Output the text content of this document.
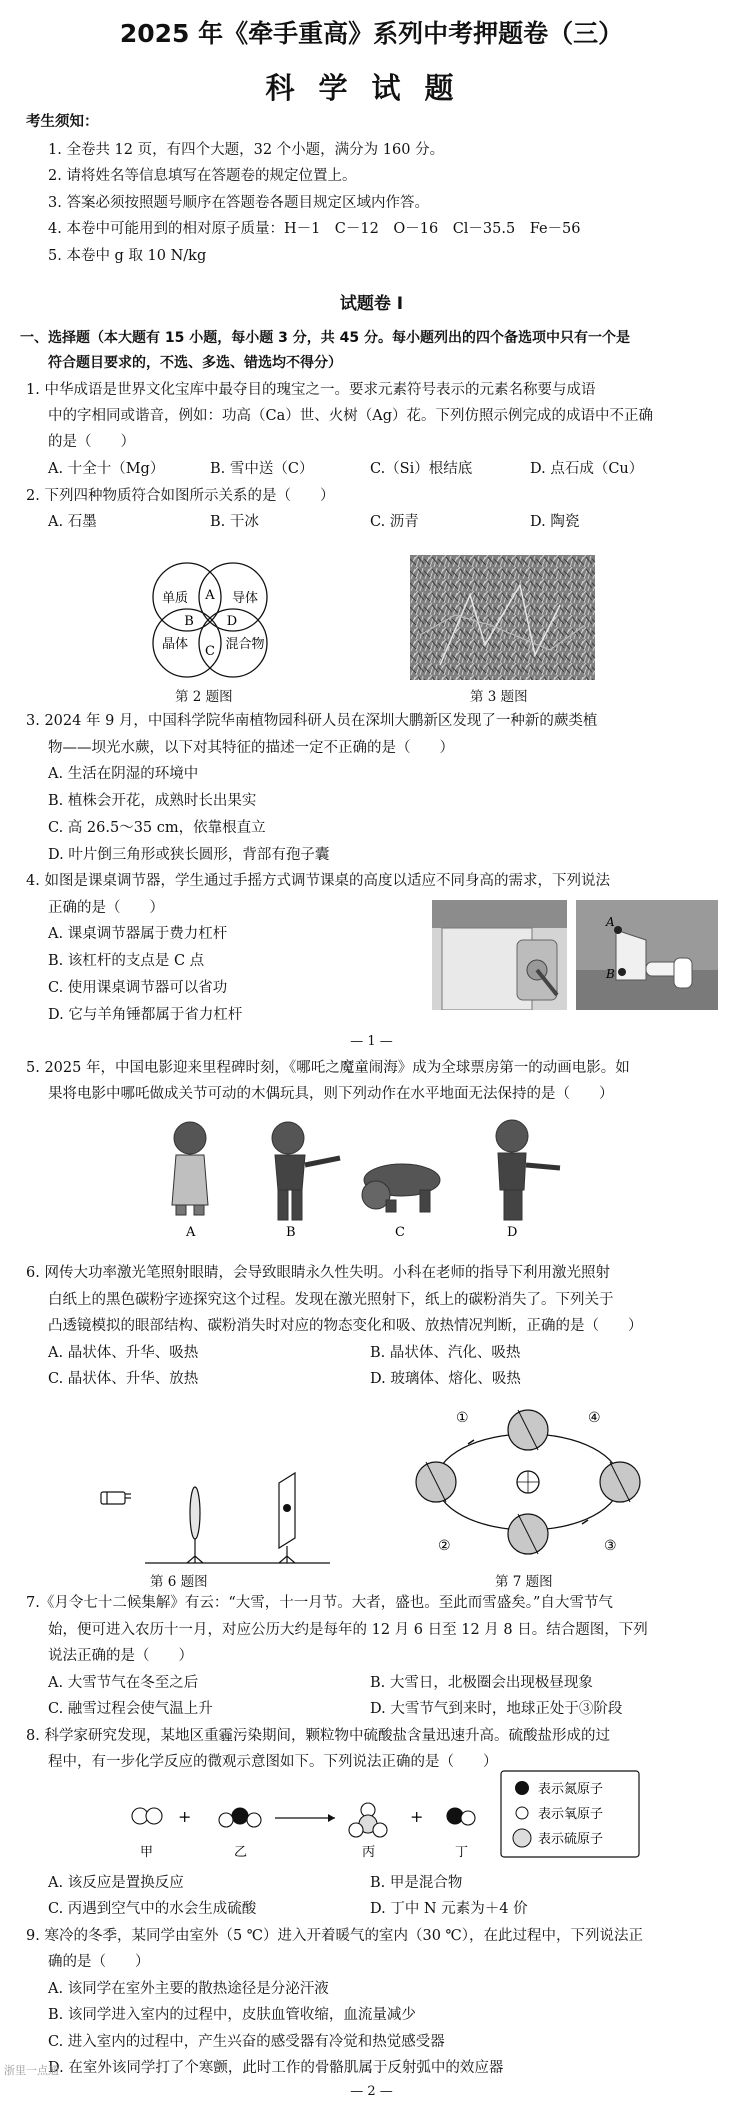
2025 年《牵手重高》系列中考押题卷（三）
科学试题
考生须知：
1. 全卷共 12 页，有四个大题，32 个小题，满分为 160 分。
2. 请将姓名等信息填写在答题卷的规定位置上。
3. 答案必须按照题号顺序在答题卷各题目规定区域内作答。
4. 本卷中可能用到的相对原子质量：H－1　C－12　O－16　Cl－35.5　Fe－56
5. 本卷中 g 取 10 N/kg
试题卷 Ⅰ
一、选择题（本大题有 15 小题，每小题 3 分，共 45 分。每小题列出的四个备选项中只有一个是
符合题目要求的，不选、多选、错选均不得分）
1. 中华成语是世界文化宝库中最夺目的瑰宝之一。要求元素符号表示的元素名称要与成语
中的字相同或谐音，例如：功高（Ca）世、火树（Ag）花。下列仿照示例完成的成语中不正确
的是（　　）
A. 十全十（Mg）	B. 雪中送（C）	C.（Si）根结底	D. 点石成（Cu）
2. 下列四种物质符合如图所示关系的是（　　）
A. 石墨	B. 干冰	C. 沥青	D. 陶瓷
单质	导体
晶体	混合物
A
B
C
D
第 2 题图	第 3 题图
3. 2024 年 9 月，中国科学院华南植物园科研人员在深圳大鹏新区发现了一种新的蕨类植
物——坝光水蕨，以下对其特征的描述一定不正确的是（　　）
A. 生活在阴湿的环境中
B. 植株会开花，成熟时长出果实
C. 高 26.5～35 cm，依靠根直立
D. 叶片倒三角形或狭长圆形，背部有孢子囊
4. 如图是课桌调节器，学生通过手摇方式调节课桌的高度以适应不同身高的需求，下列说法
正确的是（　　）
A. 课桌调节器属于费力杠杆
B. 该杠杆的支点是 C 点
C. 使用课桌调节器可以省功
D. 它与羊角锤都属于省力杠杆
A
B
— 1 —
5. 2025 年，中国电影迎来里程碑时刻，《哪吒之魔童闹海》成为全球票房第一的动画电影。如
果将电影中哪吒做成关节可动的木偶玩具，则下列动作在水平地面无法保持的是（　　）
A	B	C	D
6. 网传大功率激光笔照射眼睛，会导致眼睛永久性失明。小科在老师的指导下利用激光照射
白纸上的黑色碳粉字迹探究这个过程。发现在激光照射下，纸上的碳粉消失了。下列关于
凸透镜模拟的眼部结构、碳粉消失时对应的物态变化和吸、放热情况判断，正确的是（　　）
A. 晶状体、升华、吸热	B. 晶状体、汽化、吸热
C. 晶状体、升华、放热	D. 玻璃体、熔化、吸热
第 6 题图
①
②	③
④
第 7 题图
7.《月令七十二候集解》有云：“大雪，十一月节。大者，盛也。至此而雪盛矣。”自大雪节气
始，便可进入农历十一月，对应公历大约是每年的 12 月 6 日至 12 月 8 日。结合题图，下列
说法正确的是（　　）
A. 大雪节气在冬至之后	B. 大雪日，北极圈会出现极昼现象
C. 融雪过程会使气温上升	D. 大雪节气到来时，地球正处于③阶段
8. 科学家研究发现，某地区重霾污染期间，颗粒物中硫酸盐含量迅速升高。硫酸盐形成的过
程中，有一步化学反应的微观示意图如下。下列说法正确的是（　　）
+	+
甲	乙	丙	丁
表示氮原子
表示氧原子
表示硫原子
A. 该反应是置换反应	B. 甲是混合物
C. 丙遇到空气中的水会生成硫酸	D. 丁中 N 元素为＋4 价
9. 寒冷的冬季，某同学由室外（5 ℃）进入开着暖气的室内（30 ℃），在此过程中，下列说法正
确的是（　　）
A. 该同学在室外主要的散热途径是分泌汗液
B. 该同学进入室内的过程中，皮肤血管收缩，血流量减少
C. 进入室内的过程中，产生兴奋的感受器有冷觉和热觉感受器
D. 在室外该同学打了个寒颤，此时工作的骨骼肌属于反射弧中的效应器
浙里一点通
— 2 —
